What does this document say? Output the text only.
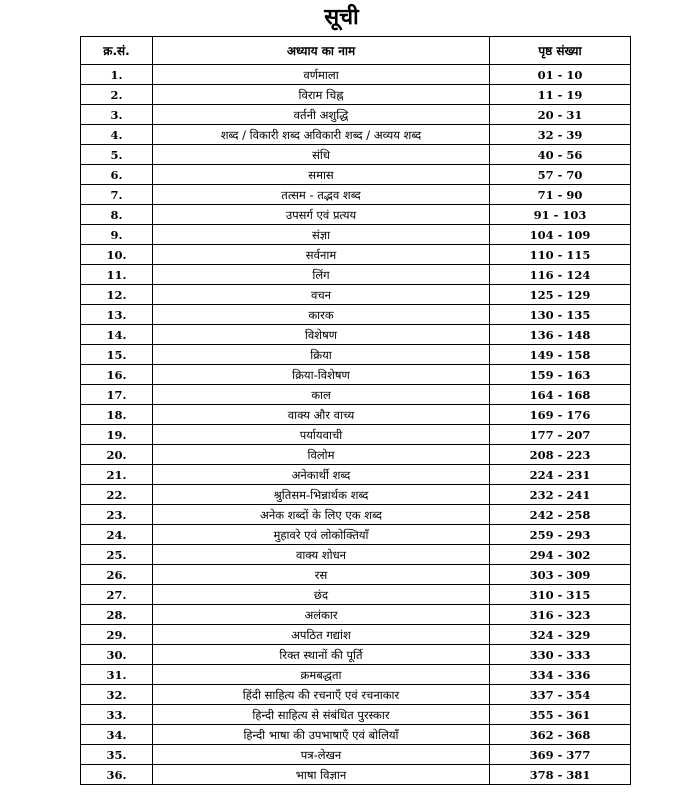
सूची
क्र.सं.	अध्याय का नाम	पृष्ठ संख्या
1.	वर्णमाला	01 - 10
2.	विराम चिह्न	11 - 19
3.	वर्तनी अशुद्धि	20 - 31
4.	शब्द / विकारी शब्द अविकारी शब्द / अव्यय शब्द	32 - 39
5.	संधि	40 - 56
6.	समास	57 - 70
7.	तत्सम - तद्भव शब्द	71 - 90
8.	उपसर्ग एवं प्रत्यय	91 - 103
9.	संज्ञा	104 - 109
10.	सर्वनाम	110 - 115
11.	लिंग	116 - 124
12.	वचन	125 - 129
13.	कारक	130 - 135
14.	विशेषण	136 - 148
15.	क्रिया	149 - 158
16.	क्रिया-विशेषण	159 - 163
17.	काल	164 - 168
18.	वाक्य और वाच्य	169 - 176
19.	पर्यायवाची	177 - 207
20.	विलोम	208 - 223
21.	अनेकार्थी शब्द	224 - 231
22.	श्रुतिसम-भिन्नार्थक शब्द	232 - 241
23.	अनेक शब्दों के लिए एक शब्द	242 - 258
24.	मुहावरे एवं लोकोक्तियाँ	259 - 293
25.	वाक्य शोधन	294 - 302
26.	रस	303 - 309
27.	छंद	310 - 315
28.	अलंकार	316 - 323
29.	अपठित गद्यांश	324 - 329
30.	रिक्त स्थानों की पूर्ति	330 - 333
31.	क्रमबद्धता	334 - 336
32.	हिंदी साहित्य की रचनाएँ एवं रचनाकार	337 - 354
33.	हिन्दी साहित्य से संबंधित पुरस्कार	355 - 361
34.	हिन्दी भाषा की उपभाषाएँ एवं बोलियाँ	362 - 368
35.	पत्र-लेखन	369 - 377
36.	भाषा विज्ञान	378 - 381
